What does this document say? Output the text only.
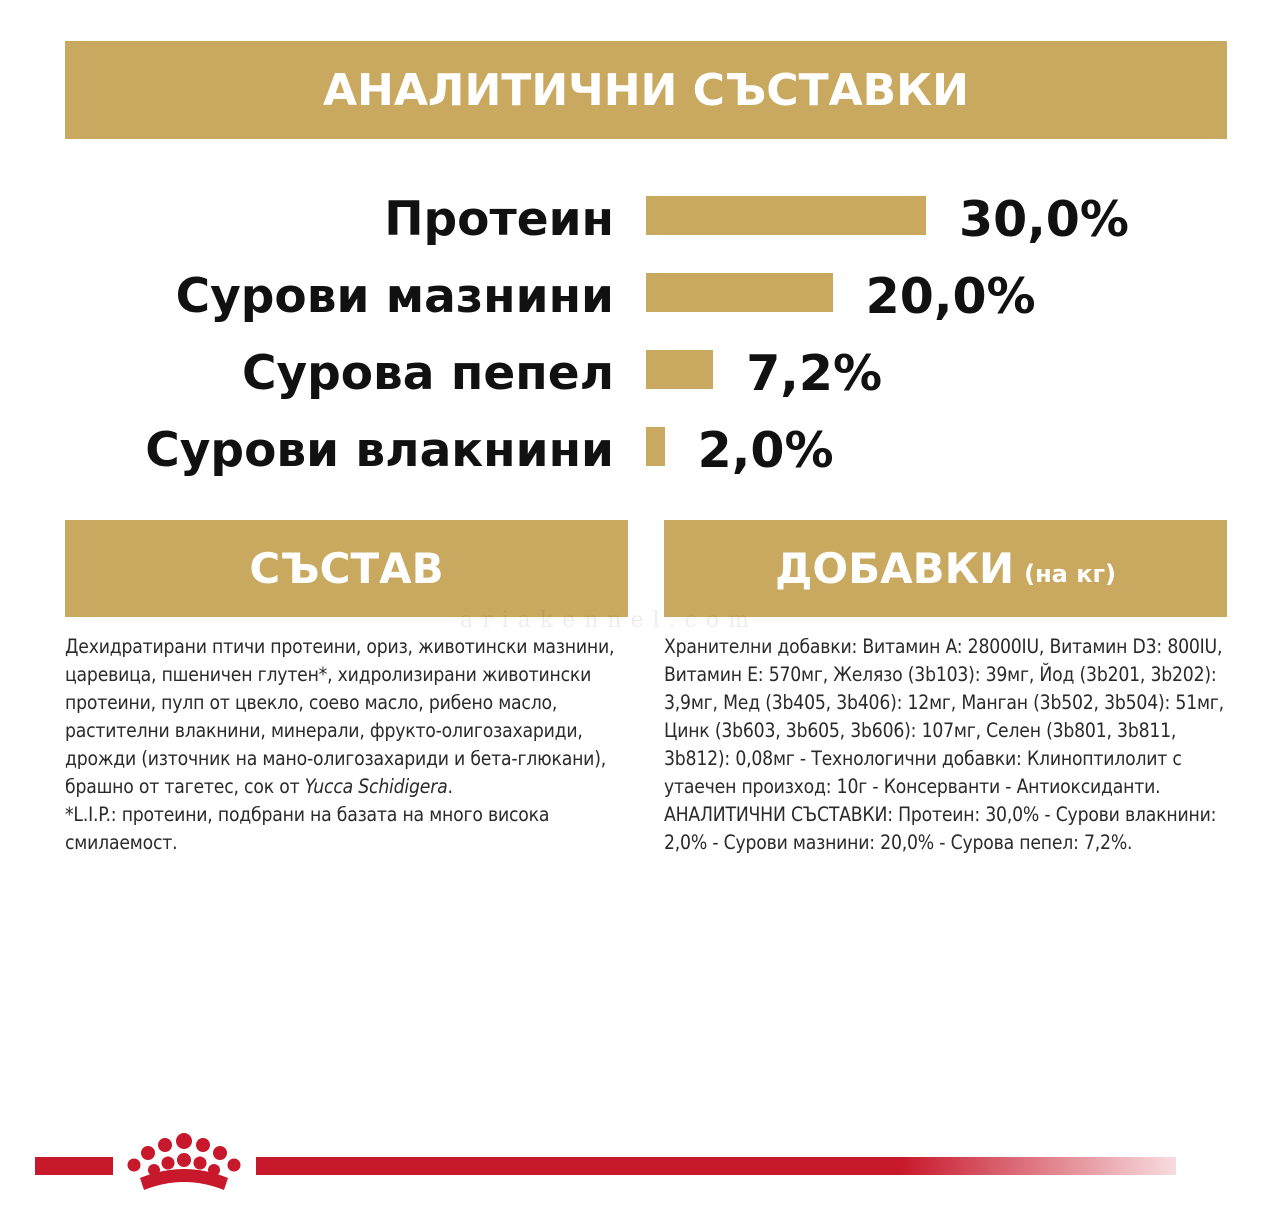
АНАЛИТИЧНИ СЪСТАВКИ
Протеин	30,0%
Сурови мазнини	20,0%
Сурова пепел	7,2%
Сурови влакнини 2,0%
СЪСТАВ	ДОБАВКИ (на кг)
ariakennel.com
Дехидратирани птичи протеини, ориз, животински мазнини, царевица, пшеничен глутен*, хидролизирани животински протеини, пулп от цвекло, соево масло, рибено масло, растителни влакнини, минерали, фрукто-олигозахариди, дрожди (източник на мано-олигозахариди и бета-глюкани), брашно от тагетес, сок от Yucca Schidigera.
*L.I.P.: протеини, подбрани на базата на много висока смилаемост.
Хранителни добавки: Витамин A: 28000IU, Витамин D3: 800IU, Витамин E: 570мг, Желязо (3b103): 39мг, Йод (3b201, 3b202): 3,9мг, Мед (3b405, 3b406): 12мг, Манган (3b502, 3b504): 51мг, Цинк (3b603, 3b605, 3b606): 107мг, Селен (3b801, 3b811, 3b812): 0,08мг - Технологични добавки: Клиноптилолит с утаечен произход: 10г - Консерванти - Антиоксиданти. АНАЛИТИЧНИ СЪСТАВКИ: Протеин: 30,0% - Сурови влакнини: 2,0% - Сурови мазнини: 20,0% - Сурова пепел: 7,2%.
